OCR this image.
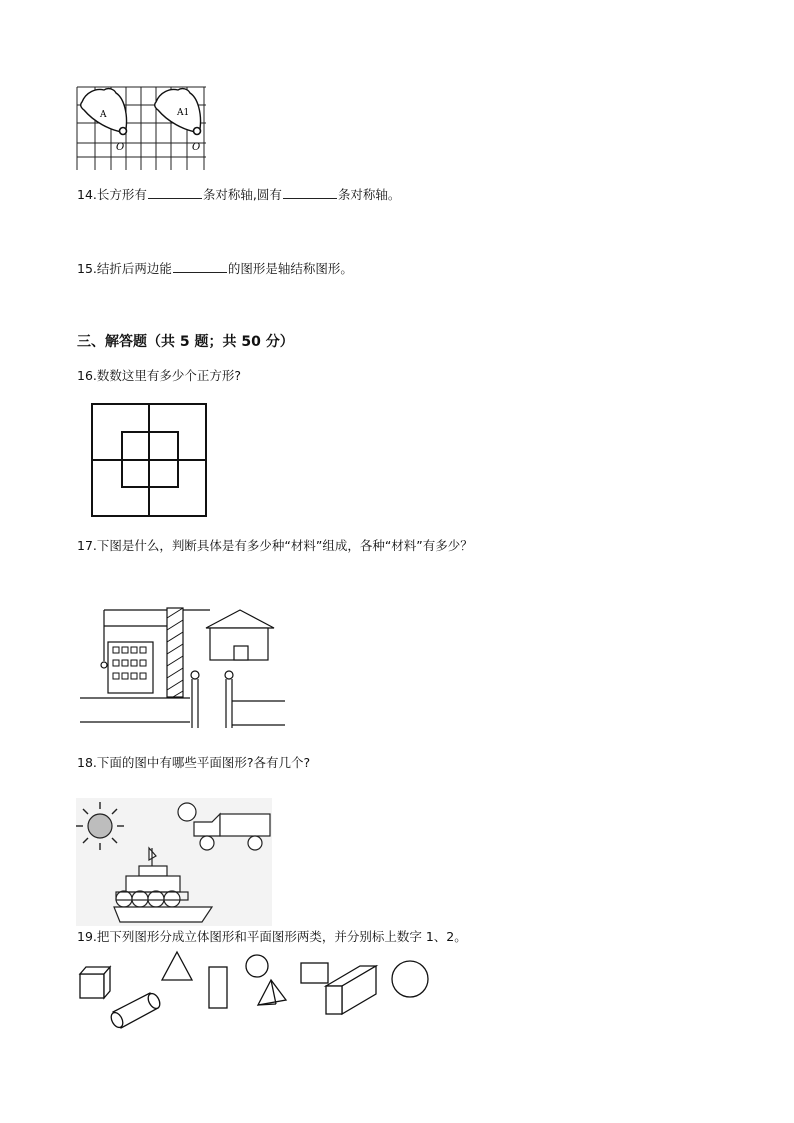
A	A1
O	O
14.长方形有	条对称轴,圆有	条对称轴。
15.结折后两边能	的图形是轴结称图形。
三、解答题（共 5 题；共 50 分）
16.数数这里有多少个正方形?
17.下图是什么，判断具体是有多少种“材料”组成，各种“材料”有多少？
18.下面的图中有哪些平面图形?各有几个?
19.把下列图形分成立体图形和平面图形两类，并分别标上数字 1、2。
